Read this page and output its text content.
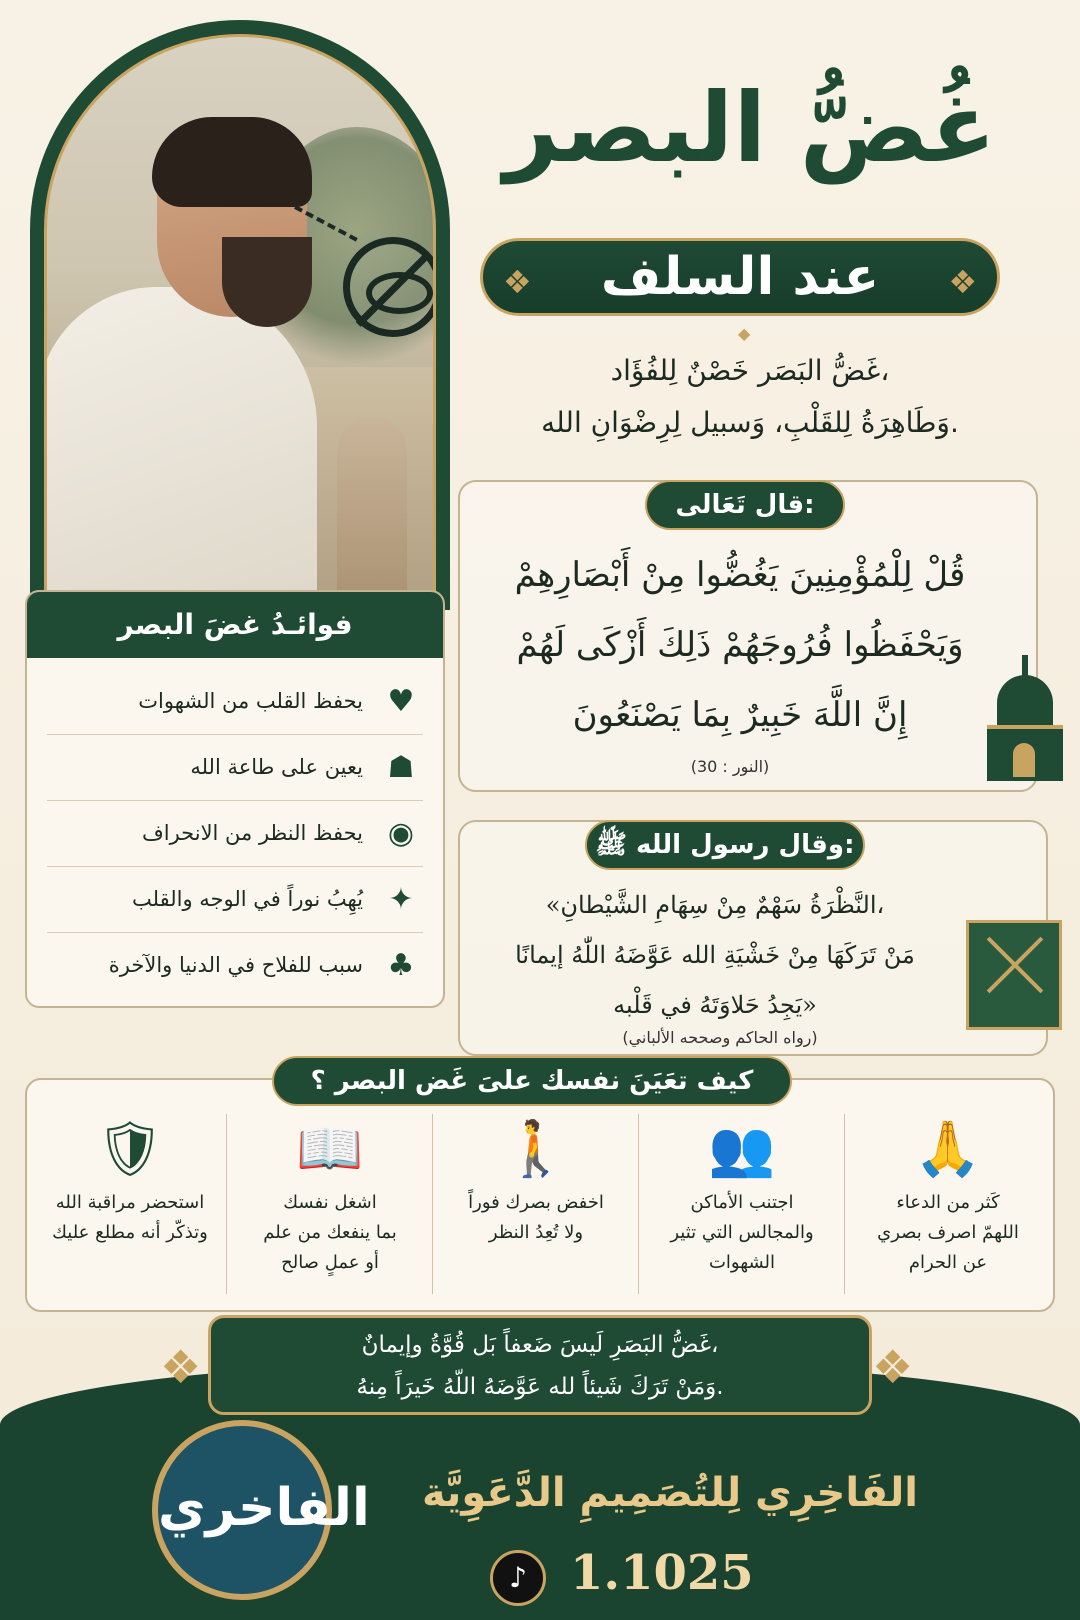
غُضُّ البصر
❖	عند السلف	❖
◆
غَضُّ البَصَر خَصْنٌ لِلفُؤَاد،
وَطَاهِرَةُ لِلقَلْبِ، وَسبيل لِرِضْوَانِ الله.
قال تَعَالى:
قُلْ لِلْمُؤْمِنِينَ يَغُضُّوا مِنْ أَبْصَارِهِمْ
وَيَحْفَظُوا فُرُوجَهُمْ ذَلِكَ أَزْكَى لَهُمْ
إِنَّ اللَّهَ خَبِيرٌ بِمَا يَصْنَعُونَ
(النور : 30)
وقال رسول الله ﷺ:
«النَّظْرَةُ سَهْمٌ مِنْ سِهَامِ الشَّيْطانِ،
مَنْ تَرَكَهَا مِنْ خَشْيَةِ الله عَوَّضَهُ اللّٰهُ إيمانًا
يَجِدُ حَلاوَتَهُ في قَلْبه»
(رواه الحاكم وصححه الألباني)
فوائـدُ غضَ البصر
♥
يحفظ القلب من الشهوات
☗
يعين على طاعة الله
◉
يحفظ النظر من الانحراف
✦
يُهِبُ نوراً في الوجه والقلب
♣
سبب للفلاح في الدنيا والآخرة
كيف تعَيَنَ نفسك علىَ غَض البصر ؟
🙏
كَثر من الدعاء
اللهمّ اصرف بصري
عن الحرام
👥
اجتنب الأماكن
والمجالس التي تثير
الشهوات
🚶
اخفض بصرك فوراً
ولا تُعِدُ النظر
📖
اشغل نفسك
بما ينفعك من علم
أو عملٍ صالح
🛡
استحضر مراقبة الله
وتذكّر أنه مطلع عليك
❖	❖
غَضُّ البَصَرِ لَيسَ ضَعفاً بَل قُوَّةُ وإيمانٌ،
وَمَنْ تَرَكَ شَيئاً لله عَوَّضَهُ اللّهُ خَيرَاً مِنهُ.
الفاخري الفَاخِرِي لِلتُصَمِيمِ الدَّعَوِيَّة
♪ 1.1025
